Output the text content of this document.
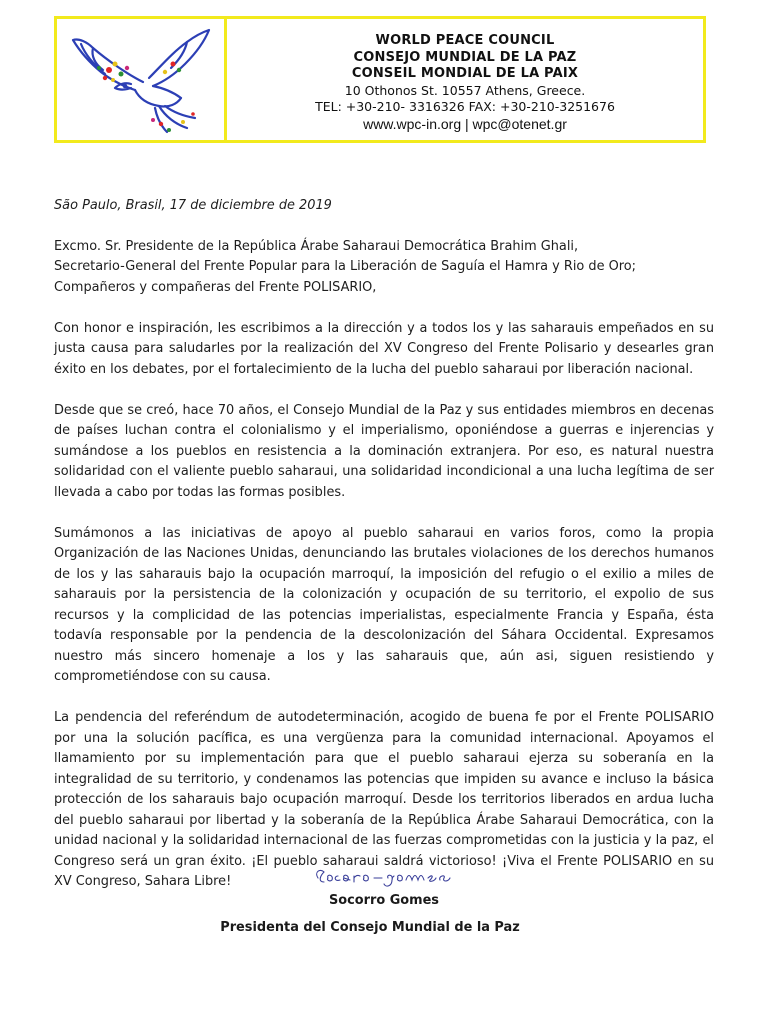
WORLD PEACE COUNCIL
CONSEJO MUNDIAL DE LA PAZ
CONSEIL MONDIAL DE LA PAIX
10 Othonos St. 10557 Athens, Greece.
TEL: +30-210- 3316326 FAX: +30-210-3251676
www.wpc-in.org | wpc@otenet.gr

São Paulo, Brasil, 17 de diciembre de 2019

Excmo. Sr. Presidente de la República Árabe Saharaui Democrática Brahim Ghali,

Secretario-General del Frente Popular para la Liberación de Saguía el Hamra y Rio de Oro;

Compañeros y compañeras del Frente POLISARIO,

Con honor e inspiración, les escribimos a la dirección y a todos los y las saharauis empeñados en su justa causa para saludarles por la realización del XV Congreso del Frente Polisario y desearles gran éxito en los debates, por el fortalecimiento de la lucha del pueblo saharaui por liberación nacional.

Desde que se creó, hace 70 años, el Consejo Mundial de la Paz y sus entidades miembros en decenas de países luchan contra el colonialismo y el imperialismo, oponiéndose a guerras e injerencias y sumándose a los pueblos en resistencia a la dominación extranjera. Por eso, es natural nuestra solidaridad con el valiente pueblo saharaui, una solidaridad incondicional a una lucha legítima de ser llevada a cabo por todas las formas posibles.

Sumámonos a las iniciativas de apoyo al pueblo saharaui en varios foros, como la propia Organización de las Naciones Unidas, denunciando las brutales violaciones de los derechos humanos de los y las saharauis bajo la ocupación marroquí, la imposición del refugio o el exilio a miles de saharauis por la persistencia de la colonización y ocupación de su territorio, el expolio de sus recursos y la complicidad de las potencias imperialistas, especialmente Francia y España, ésta todavía responsable por la pendencia de la descolonización del Sáhara Occidental. Expresamos nuestro más sincero homenaje a los y las saharauis que, aún asi, siguen resistiendo y comprometiéndose con su causa.

La pendencia del referéndum de autodeterminación, acogido de buena fe por el Frente POLISARIO por una la solución pacífica, es una vergüenza para la comunidad internacional. Apoyamos el llamamiento por su implementación para que el pueblo saharaui ejerza su soberanía en la integralidad de su territorio, y condenamos las potencias que impiden su avance e incluso la básica protección de los saharauis bajo ocupación marroquí. Desde los territorios liberados en ardua lucha del pueblo saharaui por libertad y la soberanía de la República Árabe Saharaui Democrática, con la unidad nacional y la solidaridad internacional de las fuerzas comprometidas con la justicia y la paz, el Congreso será un gran éxito. ¡El pueblo saharaui saldrá victorioso! ¡Viva el Frente POLISARIO en su XV Congreso, Sahara Libre!

Socorro Gomes
Presidenta del Consejo Mundial de la Paz
